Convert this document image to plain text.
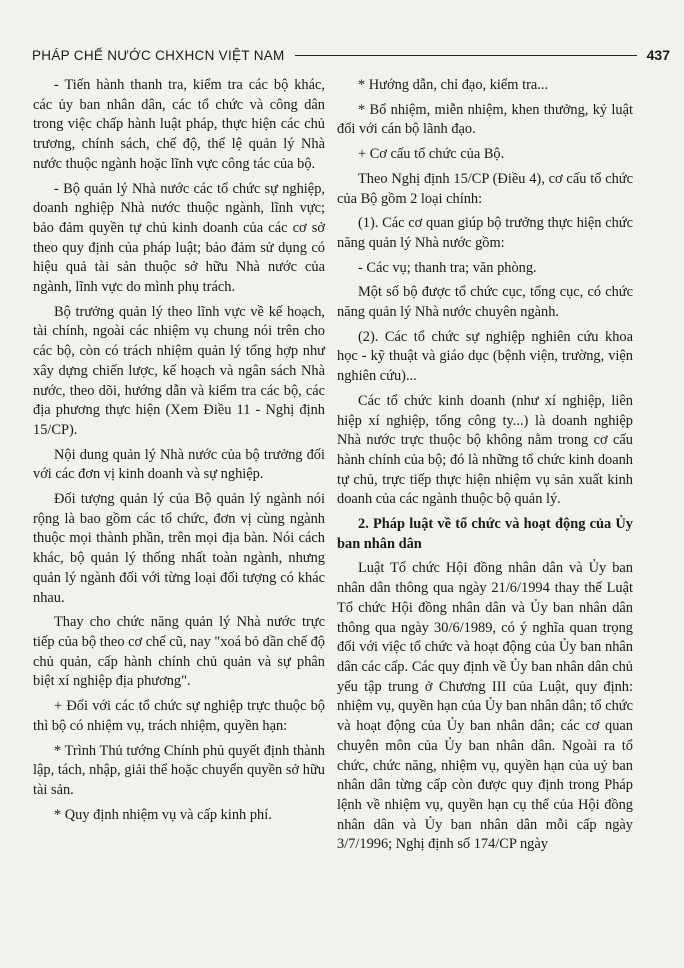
PHÁP CHẾ NƯỚC CHXHCN VIỆT NAM	437

- Tiến hành thanh tra, kiểm tra các bộ khác, các ủy ban nhân dân, các tổ chức và công dân trong việc chấp hành luật pháp, thực hiện các chủ trương, chính sách, chế độ, thể lệ quản lý Nhà nước thuộc ngành hoặc lĩnh vực công tác của bộ.

- Bộ quản lý Nhà nước các tổ chức sự nghiệp, doanh nghiệp Nhà nước thuộc ngành, lĩnh vực; bảo đảm quyền tự chủ kinh doanh của các cơ sở theo quy định của pháp luật; bảo đảm sử dụng có hiệu quả tài sản thuộc sở hữu Nhà nước của ngành, lĩnh vực do mình phụ trách.

Bộ trưởng quản lý theo lĩnh vực về kế hoạch, tài chính, ngoài các nhiệm vụ chung nói trên cho các bộ, còn có trách nhiệm quản lý tổng hợp như xây dựng chiến lược, kế hoạch và ngân sách Nhà nước, theo dõi, hướng dẫn và kiểm tra các bộ, các địa phương thực hiện (Xem Điều 11 - Nghị định 15/CP).

Nội dung quản lý Nhà nước của bộ trưởng đối với các đơn vị kinh doanh và sự nghiệp.

Đối tượng quản lý của Bộ quản lý ngành nói rộng là bao gồm các tổ chức, đơn vị cùng ngành thuộc mọi thành phần, trên mọi địa bàn. Nói cách khác, bộ quản lý thống nhất toàn ngành, nhưng quản lý ngành đối với từng loại đối tượng có khác nhau.

Thay cho chức năng quản lý Nhà nước trực tiếp của bộ theo cơ chế cũ, nay "xoá bỏ dần chế độ chủ quản, cấp hành chính chủ quản và sự phân biệt xí nghiệp địa phương".

+ Đối với các tổ chức sự nghiệp trực thuộc bộ thì bộ có nhiệm vụ, trách nhiệm, quyền hạn:

* Trình Thủ tướng Chính phủ quyết định thành lập, tách, nhập, giải thể hoặc chuyển quyền sở hữu tài sản.

* Quy định nhiệm vụ và cấp kinh phí.

* Hướng dẫn, chỉ đạo, kiểm tra...

* Bổ nhiệm, miễn nhiệm, khen thưởng, kỷ luật đối với cán bộ lãnh đạo.

+ Cơ cấu tổ chức của Bộ.

Theo Nghị định 15/CP (Điều 4), cơ cấu tổ chức của Bộ gồm 2 loại chính:

(1). Các cơ quan giúp bộ trưởng thực hiện chức năng quản lý Nhà nước gồm:

- Các vụ; thanh tra; văn phòng.

Một số bộ được tổ chức cục, tổng cục, có chức năng quản lý Nhà nước chuyên ngành.

(2). Các tổ chức sự nghiệp nghiên cứu khoa học - kỹ thuật và giáo dục (bệnh viện, trường, viện nghiên cứu)...

Các tổ chức kinh doanh (như xí nghiệp, liên hiệp xí nghiệp, tổng công ty...) là doanh nghiệp Nhà nước trực thuộc bộ không nằm trong cơ cấu hành chính của bộ; đó là những tổ chức kinh doanh tự chủ, trực tiếp thực hiện nhiệm vụ sản xuất kinh doanh của các ngành thuộc bộ quản lý.

2. Pháp luật về tổ chức và hoạt động của Ủy ban nhân dân

Luật Tổ chức Hội đồng nhân dân và Ủy ban nhân dân thông qua ngày 21/6/1994 thay thế Luật Tổ chức Hội đồng nhân dân và Ủy ban nhân dân thông qua ngày 30/6/1989, có ý nghĩa quan trọng đối với việc tổ chức và hoạt động của Ủy ban nhân dân các cấp. Các quy định về Ủy ban nhân dân chủ yếu tập trung ở Chương III của Luật, quy định: nhiệm vụ, quyền hạn của Ủy ban nhân dân; tổ chức và hoạt động của Ủy ban nhân dân; các cơ quan chuyên môn của Ủy ban nhân dân. Ngoài ra tổ chức, chức năng, nhiệm vụ, quyền hạn của uỷ ban nhân dân từng cấp còn được quy định trong Pháp lệnh về nhiệm vụ, quyền hạn cụ thể của Hội đồng nhân dân và Ủy ban nhân dân mỗi cấp ngày 3/7/1996; Nghị định số 174/CP ngày
